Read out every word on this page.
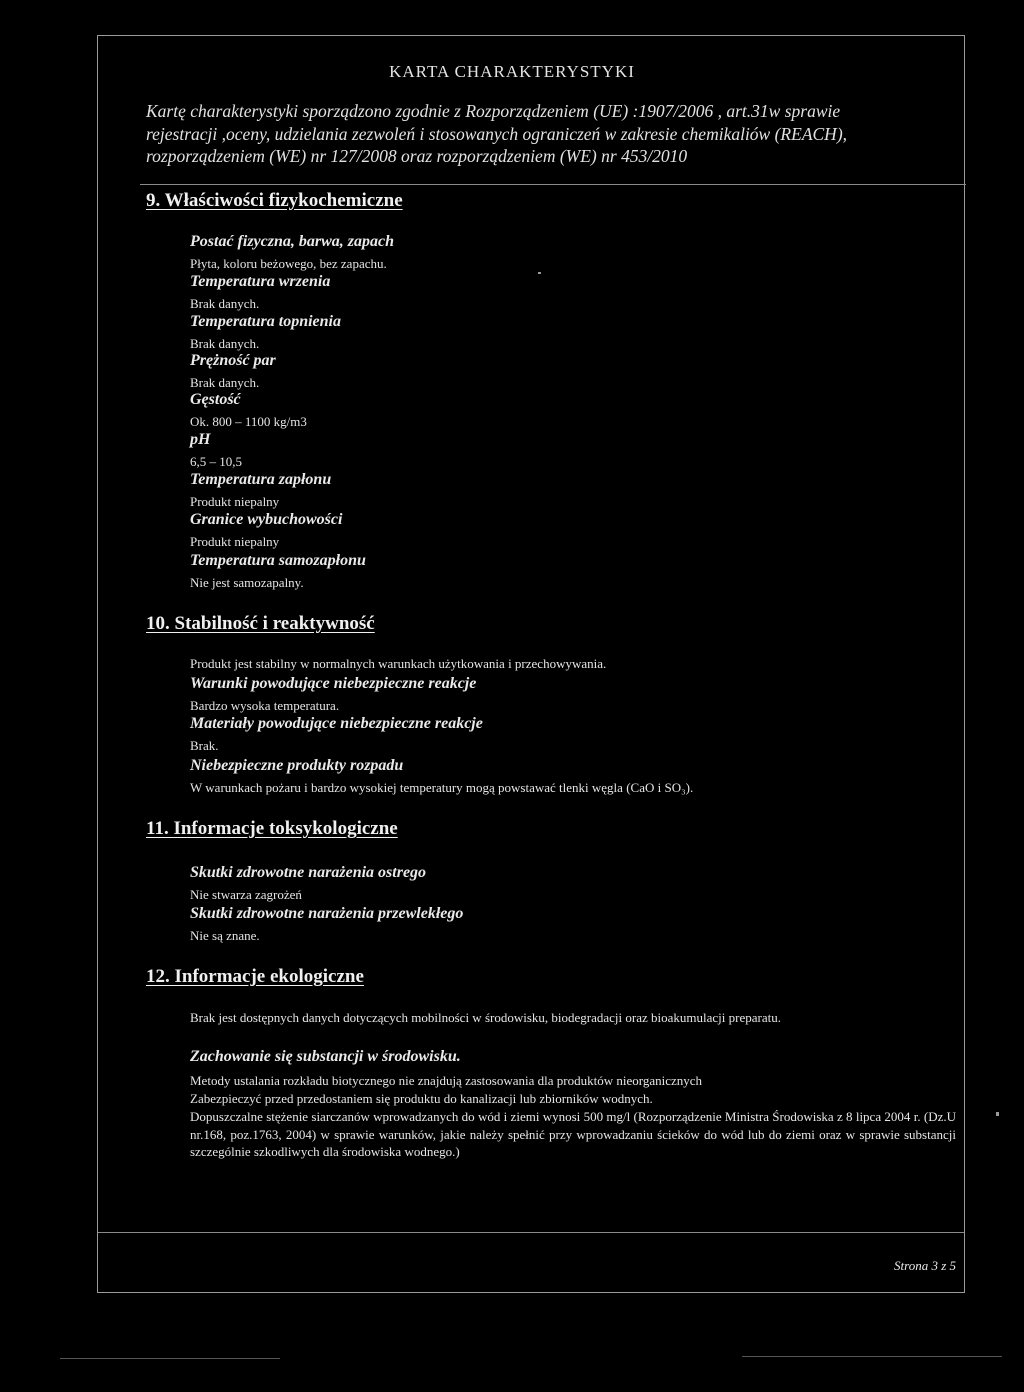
KARTA CHARAKTERYSTYKI
Kartę charakterystyki sporządzono zgodnie z Rozporządzeniem (UE) :1907/2006 , art.31w sprawie
rejestracji ,oceny, udzielania zezwoleń i stosowanych ograniczeń w zakresie chemikaliów (REACH),
rozporządzeniem (WE) nr 127/2008 oraz rozporządzeniem (WE) nr 453/2010
9. Właściwości fizykochemiczne
Postać fizyczna, barwa, zapach
Płyta, koloru beżowego, bez zapachu.
Temperatura wrzenia
Brak danych.
Temperatura topnienia
Brak danych.
Prężność par
Brak danych.
Gęstość
Ok. 800 – 1100 kg/m3
pH
6,5 – 10,5
Temperatura zapłonu
Produkt niepalny
Granice wybuchowości
Produkt niepalny
Temperatura samozapłonu
Nie jest samozapalny.
10. Stabilność i reaktywność
Produkt jest stabilny w normalnych warunkach użytkowania i przechowywania.
Warunki powodujące niebezpieczne reakcje
Bardzo wysoka temperatura.
Materiały powodujące niebezpieczne reakcje
Brak.
Niebezpieczne produkty rozpadu
W warunkach pożaru i bardzo wysokiej temperatury mogą powstawać tlenki węgla (CaO i SO₃).
11. Informacje toksykologiczne
Skutki zdrowotne narażenia ostrego
Nie stwarza zagrożeń
Skutki zdrowotne narażenia przewlekłego
Nie są znane.
12. Informacje ekologiczne
Brak jest dostępnych danych dotyczących mobilności w środowisku, biodegradacji oraz bioakumulacji preparatu.
Zachowanie się substancji w środowisku.
Metody ustalania rozkładu biotycznego nie znajdują zastosowania dla produktów nieorganicznych
Zabezpieczyć przed przedostaniem się produktu do kanalizacji lub zbiorników wodnych.
Dopuszczalne stężenie siarczanów wprowadzanych do wód i ziemi wynosi 500 mg/l (Rozporządzenie Ministra Środowiska z 8 lipca 2004 r. (Dz.U nr.168, poz.1763, 2004) w sprawie warunków, jakie należy spełnić przy wprowadzaniu ścieków do wód lub do ziemi oraz w sprawie substancji szczególnie szkodliwych dla środowiska wodnego.)
Strona 3 z 5
